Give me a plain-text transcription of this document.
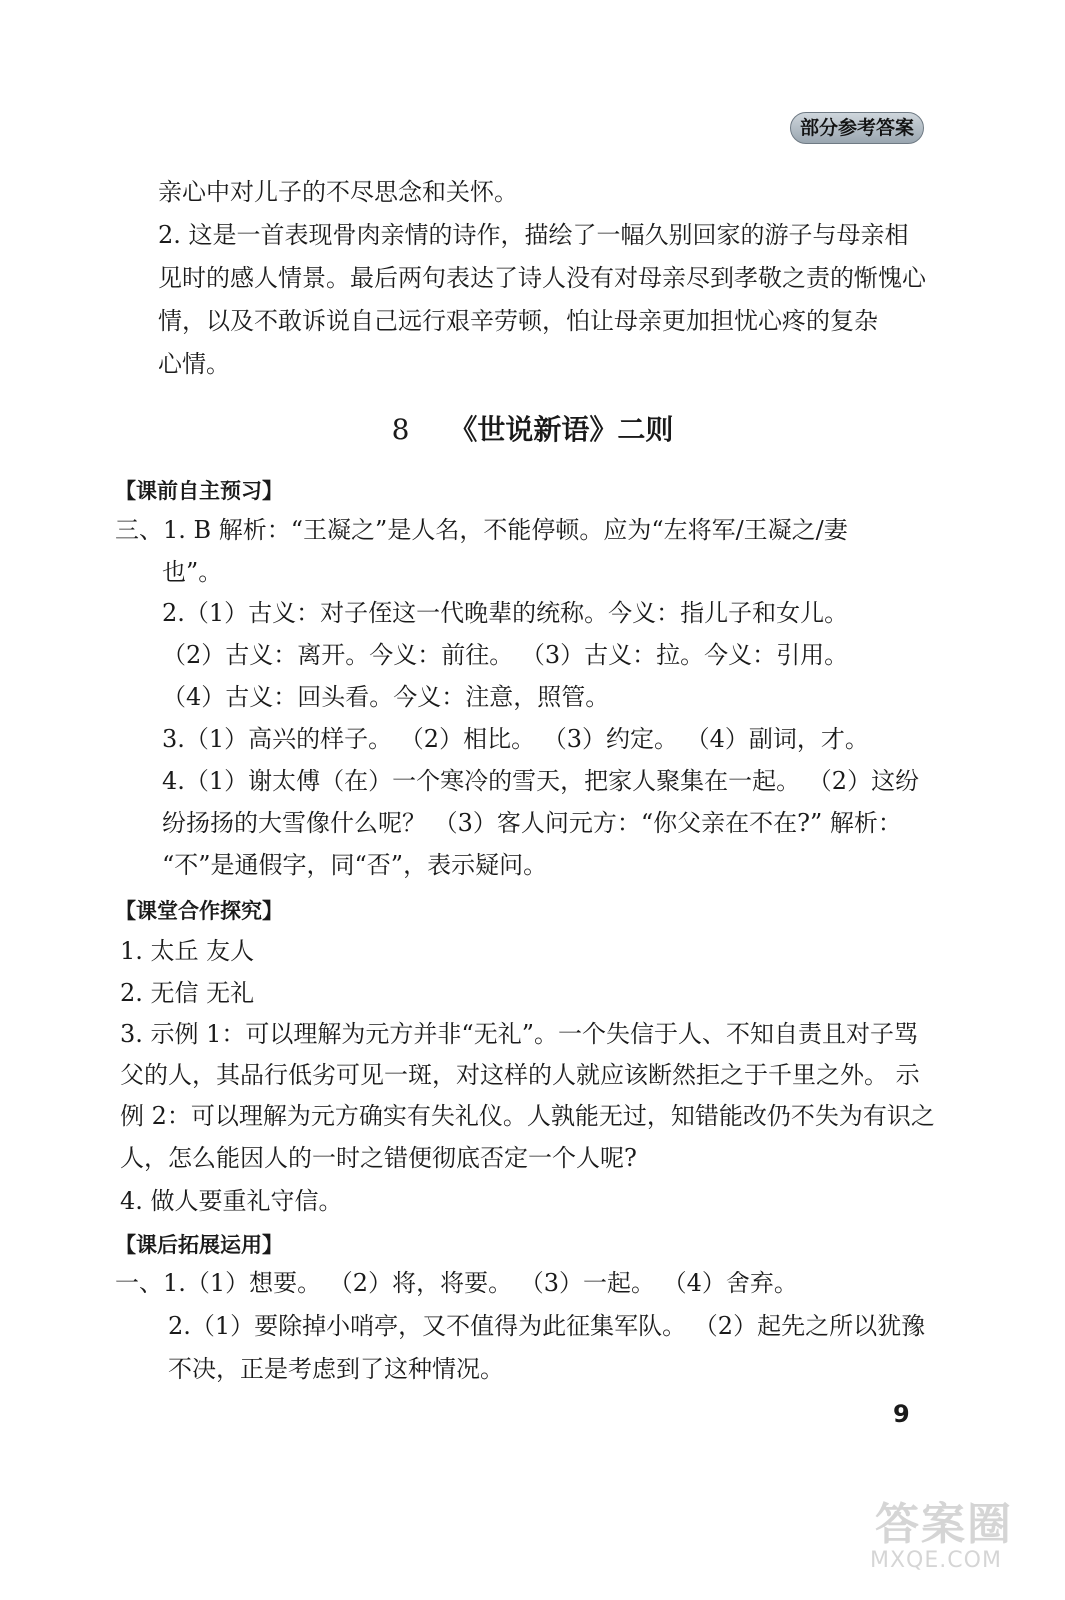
部分参考答案
亲心中对儿子的不尽思念和关怀。
2. 这是一首表现骨肉亲情的诗作，描绘了一幅久别回家的游子与母亲相
见时的感人情景。最后两句表达了诗人没有对母亲尽到孝敬之责的惭愧心
情，以及不敢诉说自己远行艰辛劳顿，怕让母亲更加担忧心疼的复杂
心情。
8 《世说新语》二则
【课前自主预习】
三、1. B 解析：“王凝之”是人名，不能停顿。应为“左将军/王凝之/妻
也”。
2.（1）古义：对子侄这一代晚辈的统称。今义：指儿子和女儿。
（2）古义：离开。今义：前往。 （3）古义：拉。今义：引用。
（4）古义：回头看。今义：注意，照管。
3.（1）高兴的样子。 （2）相比。 （3）约定。 （4）副词，才。
4.（1）谢太傅（在）一个寒冷的雪天，把家人聚集在一起。 （2）这纷
纷扬扬的大雪像什么呢？ （3）客人问元方：“你父亲在不在?” 解析：
“不”是通假字，同“否”，表示疑问。
【课堂合作探究】
1. 太丘 友人
2. 无信 无礼
3. 示例 1：可以理解为元方并非“无礼”。一个失信于人、不知自责且对子骂
父的人，其品行低劣可见一斑，对这样的人就应该断然拒之于千里之外。 示
例 2：可以理解为元方确实有失礼仪。人孰能无过，知错能改仍不失为有识之
人，怎么能因人的一时之错便彻底否定一个人呢?
4. 做人要重礼守信。
【课后拓展运用】
一、1.（1）想要。 （2）将，将要。 （3）一起。 （4）舍弃。
2.（1）要除掉小哨亭，又不值得为此征集军队。 （2）起先之所以犹豫
不决，正是考虑到了这种情况。
9
答案圈
MXQE.COM
